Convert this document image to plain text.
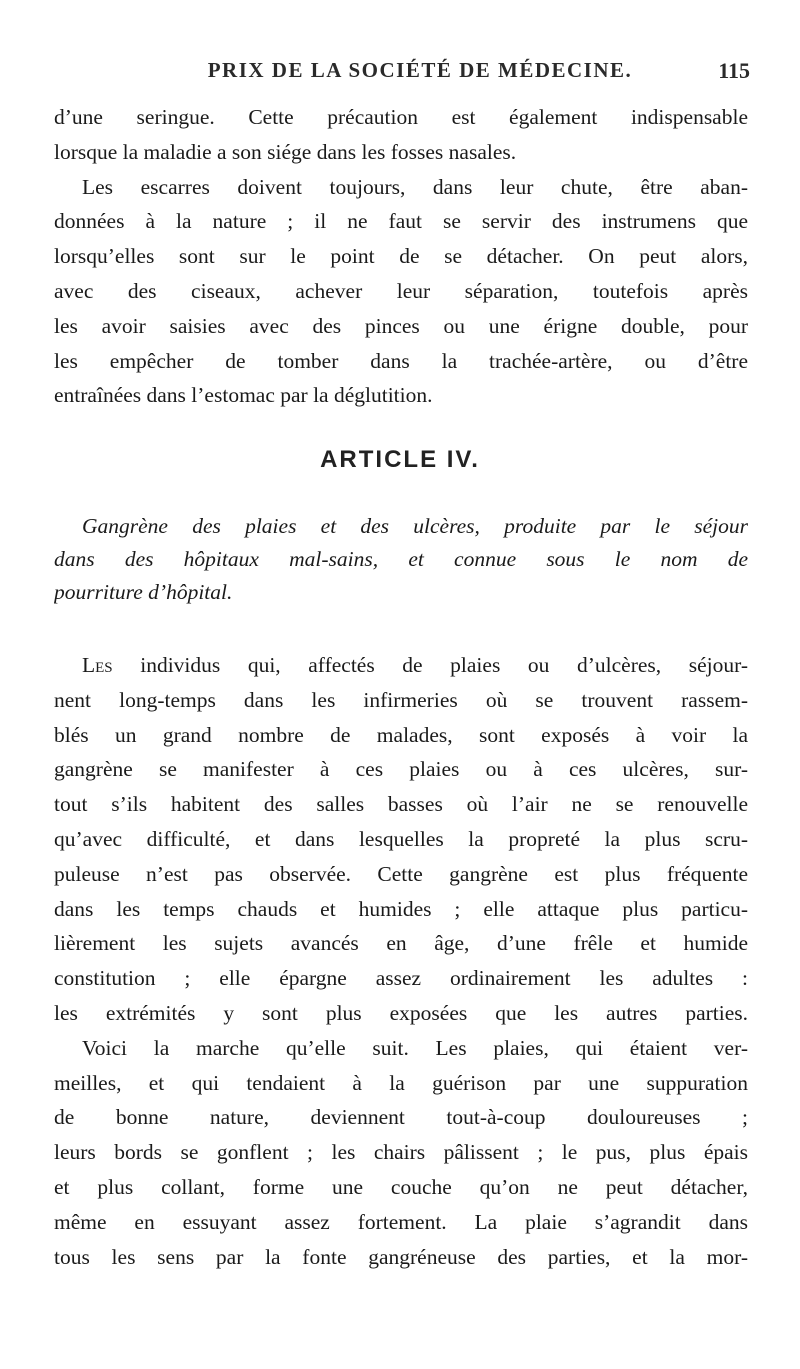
PRIX DE LA SOCIÉTÉ DE MÉDECINE.	115
d’une seringue. Cette précaution est également indispensable
lorsque la maladie a son siége dans les fosses nasales.
Les escarres doivent toujours, dans leur chute, être aban-
données à la nature ; il ne faut se servir des instrumens que
lorsqu’elles sont sur le point de se détacher. On peut alors,
avec des ciseaux, achever leur séparation, toutefois après
les avoir saisies avec des pinces ou une érigne double, pour
les empêcher de tomber dans la trachée-artère, ou d’être
entraînées dans l’estomac par la déglutition.
ARTICLE IV.
Gangrène des plaies et des ulcères, produite par le séjour
dans des hôpitaux mal-sains, et connue sous le nom de
pourriture d’hôpital.
Les individus qui, affectés de plaies ou d’ulcères, séjour-
nent long-temps dans les infirmeries où se trouvent rassem-
blés un grand nombre de malades, sont exposés à voir la
gangrène se manifester à ces plaies ou à ces ulcères, sur-
tout s’ils habitent des salles basses où l’air ne se renouvelle
qu’avec difficulté, et dans lesquelles la propreté la plus scru-
puleuse n’est pas observée. Cette gangrène est plus fréquente
dans les temps chauds et humides ; elle attaque plus particu-
lièrement les sujets avancés en âge, d’une frêle et humide
constitution ; elle épargne assez ordinairement les adultes :
les extrémités y sont plus exposées que les autres parties.
Voici la marche qu’elle suit. Les plaies, qui étaient ver-
meilles, et qui tendaient à la guérison par une suppuration
de bonne nature, deviennent tout-à-coup douloureuses ;
leurs bords se gonflent ; les chairs pâlissent ; le pus, plus épais
et plus collant, forme une couche qu’on ne peut détacher,
même en essuyant assez fortement. La plaie s’agrandit dans
tous les sens par la fonte gangréneuse des parties, et la mor-
